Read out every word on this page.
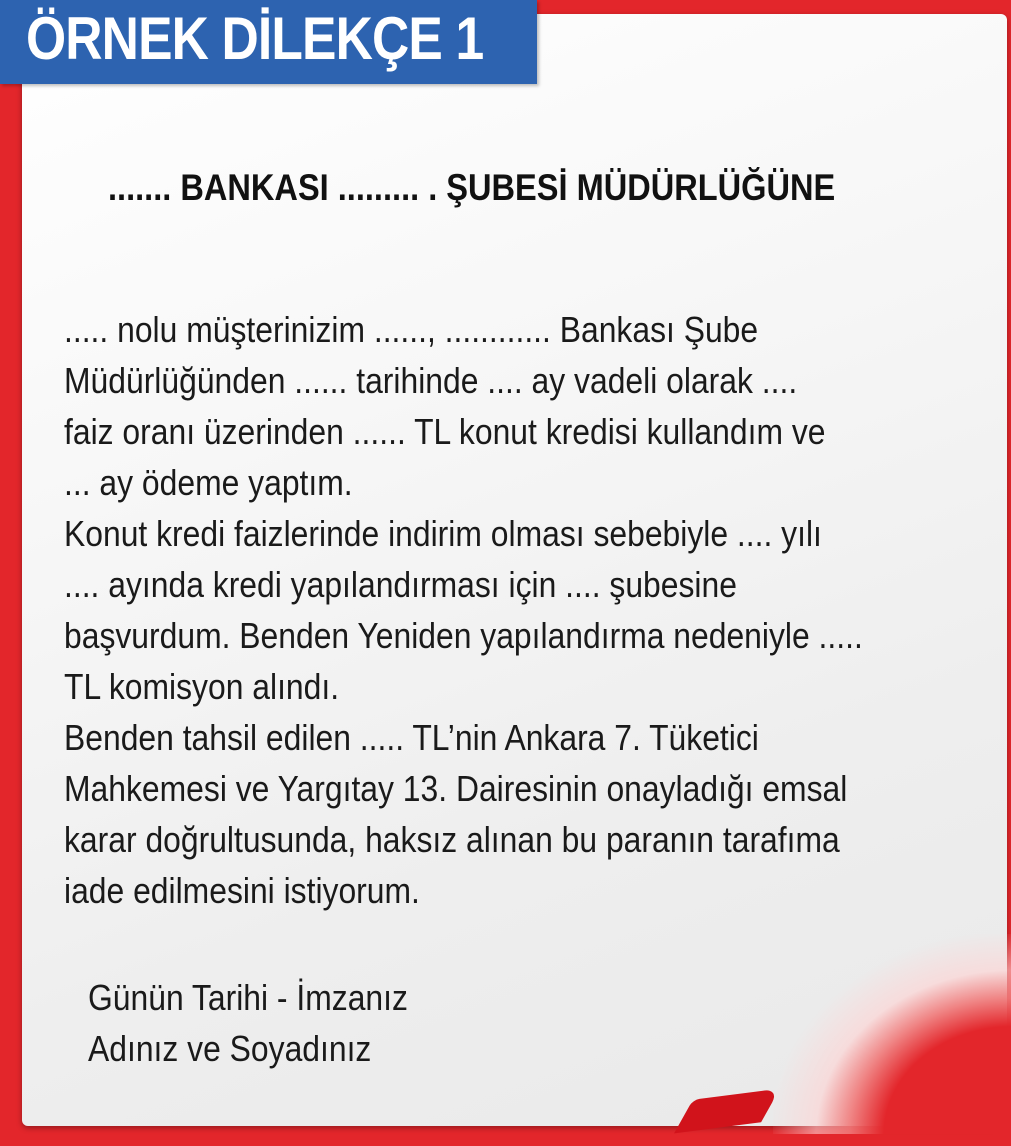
ÖRNEK DİLEKÇE 1
....... BANKASI ......... . ŞUBESİ MÜDÜRLÜĞÜNE
..... nolu müşterinizim ......, ............ Bankası Şube
Müdürlüğünden ...... tarihinde .... ay vadeli olarak ....
faiz oranı üzerinden ...... TL konut kredisi kullandım ve
... ay ödeme yaptım.
Konut kredi faizlerinde indirim olması sebebiyle .... yılı
.... ayında kredi yapılandırması için .... şubesine
başvurdum. Benden Yeniden yapılandırma nedeniyle .....
TL komisyon alındı.
Benden tahsil edilen ..... TL’nin Ankara 7. Tüketici
Mahkemesi ve Yargıtay 13. Dairesinin onayladığı emsal
karar doğrultusunda, haksız alınan bu paranın tarafıma
iade edilmesini istiyorum.
Günün Tarihi - İmzanız
Adınız ve Soyadınız
